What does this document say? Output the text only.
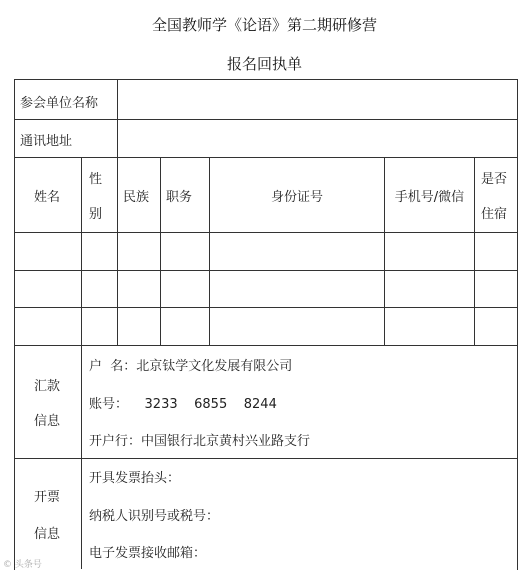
全国教师学《论语》第二期研修营
报名回执单
参会单位名称
通讯地址
姓名
性
别
民族 职务	身份证号	手机号/微信
是否
住宿
汇款
信息
户  名：北京钛学文化发展有限公司
账号：    3233    6855    8244
开户行：中国银行北京黄村兴业路支行
开票
信息
开具发票抬头：
纳税人识别号或税号：
电子发票接收邮箱：
© 头条号
